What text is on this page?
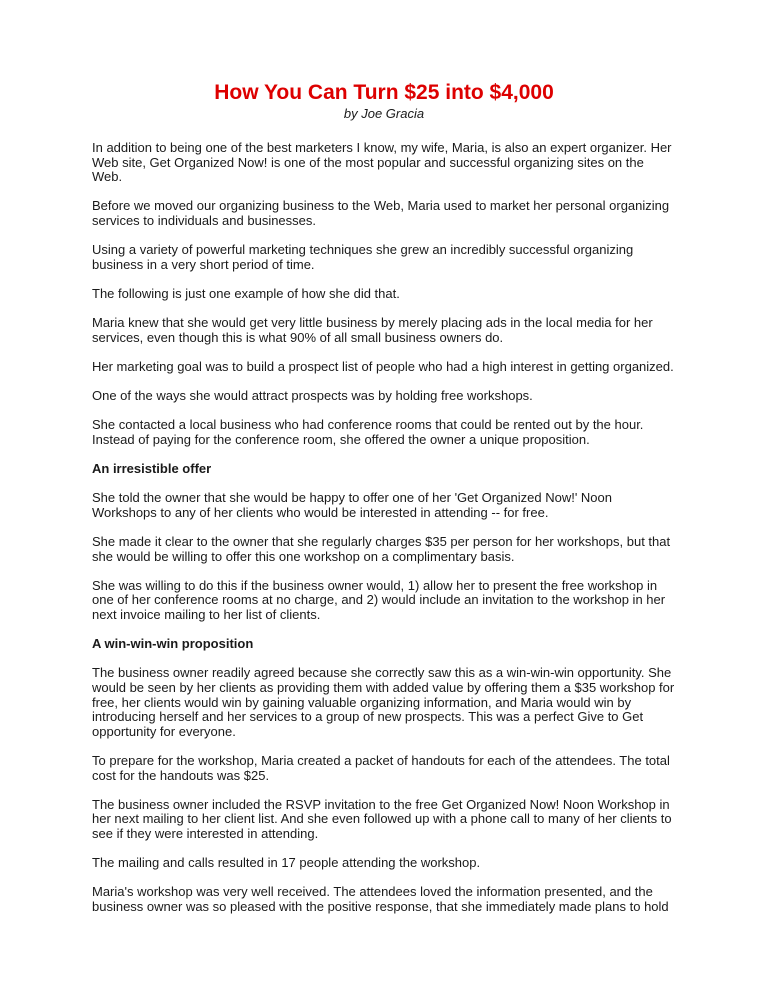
How You Can Turn $25 into $4,000
by Joe Gracia

In addition to being one of the best marketers I know, my wife, Maria, is also an expert organizer. Her Web site, Get Organized Now! is one of the most popular and successful organizing sites on the Web.

Before we moved our organizing business to the Web, Maria used to market her personal organizing services to individuals and businesses.

Using a variety of powerful marketing techniques she grew an incredibly successful organizing business in a very short period of time.

The following is just one example of how she did that.

Maria knew that she would get very little business by merely placing ads in the local media for her services, even though this is what 90% of all small business owners do.

Her marketing goal was to build a prospect list of people who had a high interest in getting organized.

One of the ways she would attract prospects was by holding free workshops.

She contacted a local business who had conference rooms that could be rented out by the hour. Instead of paying for the conference room, she offered the owner a unique proposition.

An irresistible offer

She told the owner that she would be happy to offer one of her 'Get Organized Now!' Noon Workshops to any of her clients who would be interested in attending -- for free.

She made it clear to the owner that she regularly charges $35 per person for her workshops, but that she would be willing to offer this one workshop on a complimentary basis.

She was willing to do this if the business owner would, 1) allow her to present the free workshop in one of her conference rooms at no charge, and 2) would include an invitation to the workshop in her next invoice mailing to her list of clients.

A win-win-win proposition

The business owner readily agreed because she correctly saw this as a win-win-win opportunity. She would be seen by her clients as providing them with added value by offering them a $35 workshop for free, her clients would win by gaining valuable organizing information, and Maria would win by introducing herself and her services to a group of new prospects. This was a perfect Give to Get opportunity for everyone.

To prepare for the workshop, Maria created a packet of handouts for each of the attendees. The total cost for the handouts was $25.

The business owner included the RSVP invitation to the free Get Organized Now! Noon Workshop in her next mailing to her client list. And she even followed up with a phone call to many of her clients to see if they were interested in attending.

The mailing and calls resulted in 17 people attending the workshop.

Maria's workshop was very well received. The attendees loved the information presented, and the business owner was so pleased with the positive response, that she immediately made plans to hold
